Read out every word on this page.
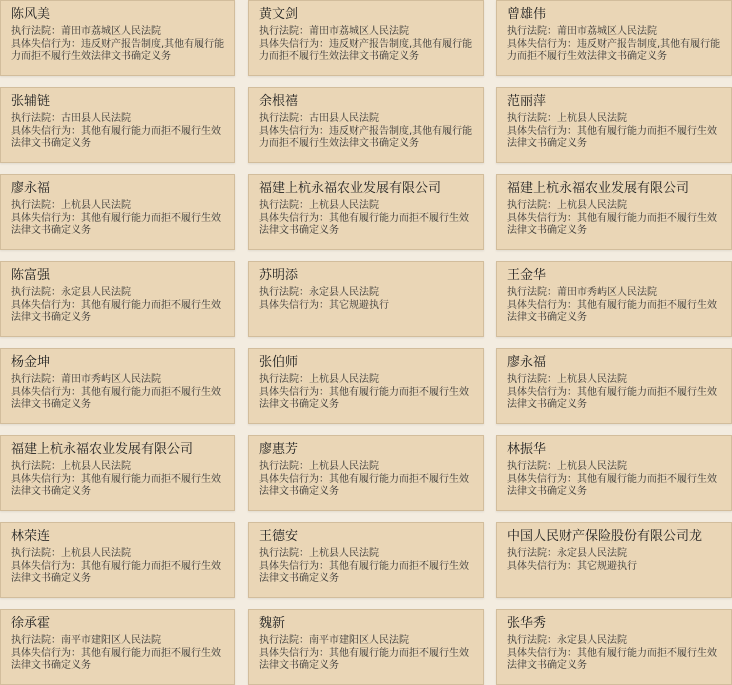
陈风美
执行法院：莆田市荔城区人民法院
具体失信行为：违反财产报告制度,其他有履行能力而拒不履行生效法律文书确定义务
黄文剑
执行法院：莆田市荔城区人民法院
具体失信行为：违反财产报告制度,其他有履行能力而拒不履行生效法律文书确定义务
曾雄伟
执行法院：莆田市荔城区人民法院
具体失信行为：违反财产报告制度,其他有履行能力而拒不履行生效法律文书确定义务
张辅链
执行法院：古田县人民法院
具体失信行为：其他有履行能力而拒不履行生效法律文书确定义务
余根禧
执行法院：古田县人民法院
具体失信行为：违反财产报告制度,其他有履行能力而拒不履行生效法律文书确定义务
范丽萍
执行法院：上杭县人民法院
具体失信行为：其他有履行能力而拒不履行生效法律文书确定义务
廖永福
执行法院：上杭县人民法院
具体失信行为：其他有履行能力而拒不履行生效法律文书确定义务
福建上杭永福农业发展有限公司
执行法院：上杭县人民法院
具体失信行为：其他有履行能力而拒不履行生效法律文书确定义务
福建上杭永福农业发展有限公司
执行法院：上杭县人民法院
具体失信行为：其他有履行能力而拒不履行生效法律文书确定义务
陈富强
执行法院：永定县人民法院
具体失信行为：其他有履行能力而拒不履行生效法律文书确定义务
苏明添
执行法院：永定县人民法院
具体失信行为：其它规避执行
王金华
执行法院：莆田市秀屿区人民法院
具体失信行为：其他有履行能力而拒不履行生效法律文书确定义务
杨金坤
执行法院：莆田市秀屿区人民法院
具体失信行为：其他有履行能力而拒不履行生效法律文书确定义务
张伯师
执行法院：上杭县人民法院
具体失信行为：其他有履行能力而拒不履行生效法律文书确定义务
廖永福
执行法院：上杭县人民法院
具体失信行为：其他有履行能力而拒不履行生效法律文书确定义务
福建上杭永福农业发展有限公司
执行法院：上杭县人民法院
具体失信行为：其他有履行能力而拒不履行生效法律文书确定义务
廖惠芳
执行法院：上杭县人民法院
具体失信行为：其他有履行能力而拒不履行生效法律文书确定义务
林振华
执行法院：上杭县人民法院
具体失信行为：其他有履行能力而拒不履行生效法律文书确定义务
林荣连
执行法院：上杭县人民法院
具体失信行为：其他有履行能力而拒不履行生效法律文书确定义务
王德安
执行法院：上杭县人民法院
具体失信行为：其他有履行能力而拒不履行生效法律文书确定义务
中国人民财产保险股份有限公司龙
执行法院：永定县人民法院
具体失信行为：其它规避执行
徐承霍
执行法院：南平市建阳区人民法院
具体失信行为：其他有履行能力而拒不履行生效法律文书确定义务
魏新
执行法院：南平市建阳区人民法院
具体失信行为：其他有履行能力而拒不履行生效法律文书确定义务
张华秀
执行法院：永定县人民法院
具体失信行为：其他有履行能力而拒不履行生效法律文书确定义务
